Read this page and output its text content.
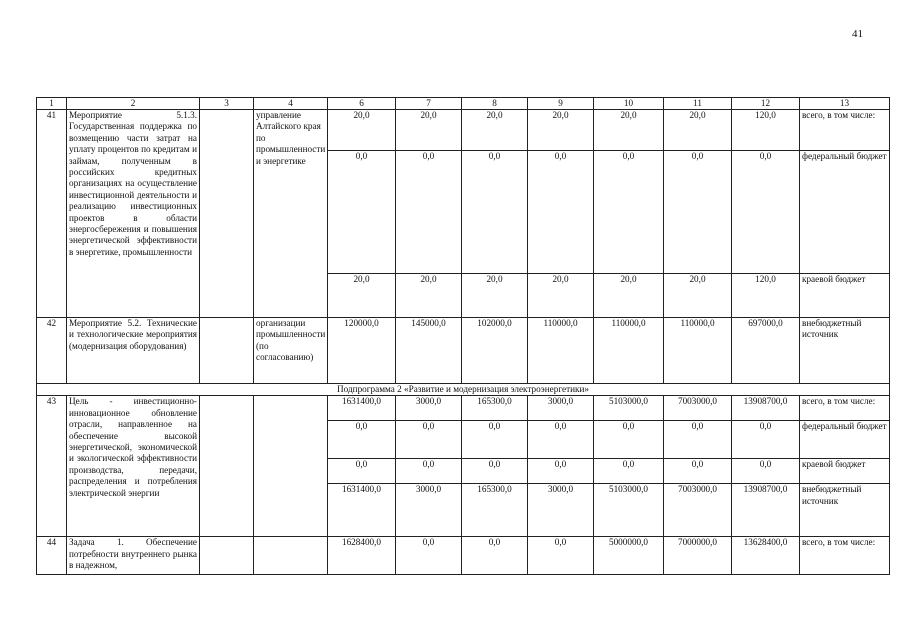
41
1	2	3	4	6	7	8	9	10	11	12	13
41	Мероприятие 5.1.3. Государственная поддержка по возмещению части затрат на уплату процентов по кредитам и займам, полученным в российских кредитных организациях на осуществление инвестиционной деятельности и реализацию инвестиционных проектов в области энергосбережения и повышения энергетической эффективности в энергетике, промышленности		управление Алтайского края по промышленности и энергетике	20,0	20,0	20,0	20,0	20,0	20,0	120,0	всего, в том числе:
				0,0	0,0	0,0	0,0	0,0	0,0	0,0	федеральный бюджет
				20,0	20,0	20,0	20,0	20,0	20,0	120,0	краевой бюджет
42	Мероприятие 5.2. Технические и технологические мероприятия (модернизация оборудования)		организации промышленности (по согласованию)	120000,0	145000,0	102000,0	110000,0	110000,0	110000,0	697000,0	внебюджетный источник
Подпрограмма 2 «Развитие и модернизация электроэнергетики»											
43	Цель - инвестиционно-инновационное обновление отрасли, направленное на обеспечение высокой энергетической, экономической и экологической эффективности производства, передачи, распределения и потребления электрической энергии			1631400,0	3000,0	165300,0	3000,0	5103000,0	7003000,0	13908700,0	всего, в том числе:
				0,0	0,0	0,0	0,0	0,0	0,0	0,0	федеральный бюджет
				0,0	0,0	0,0	0,0	0,0	0,0	0,0	краевой бюджет
				1631400,0	3000,0	165300,0	3000,0	5103000,0	7003000,0	13908700,0	внебюджетный источник
44	Задача 1. Обеспечение потребности внутреннего рынка в надежном,			1628400,0	0,0	0,0	0,0	5000000,0	7000000,0	13628400,0	всего, в том числе:
